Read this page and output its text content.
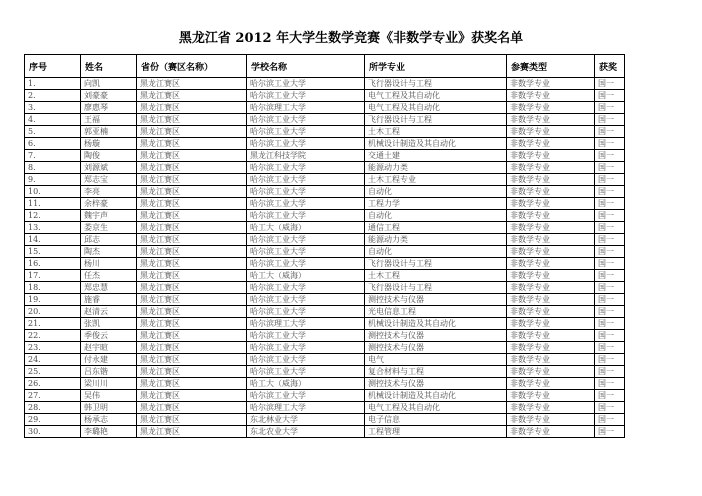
黑龙江省 2012 年大学生数学竞赛《非数学专业》获奖名单
序号	姓名	省份（赛区名称）	学校名称	所学专业	参赛类型	获奖
1.	向凯	黑龙江赛区	哈尔滨工业大学	飞行器设计与工程	非数学专业	国一
2.	刘豪豪	黑龙江赛区	哈尔滨工业大学	电气工程及其自动化	非数学专业	国一
3.	廖惠琴	黑龙江赛区	哈尔滨理工大学	电气工程及其自动化	非数学专业	国一
4.	王福	黑龙江赛区	哈尔滨工业大学	飞行器设计与工程	非数学专业	国一
5.	郭亚楠	黑龙江赛区	哈尔滨工业大学	土木工程	非数学专业	国一
6.	杨璇	黑龙江赛区	哈尔滨工业大学	机械设计制造及其自动化	非数学专业	国一
7.	陶俊	黑龙江赛区	黑龙江科技学院	交通土建	非数学专业	国一
8.	刘源斌	黑龙江赛区	哈尔滨工业大学	能源动力类	非数学专业	国一
9.	郑志宝	黑龙江赛区	哈尔滨工业大学	土木工程专业	非数学专业	国一
10.	李亮	黑龙江赛区	哈尔滨工业大学	自动化	非数学专业	国一
11.	余梓豪	黑龙江赛区	哈尔滨工业大学	工程力学	非数学专业	国一
12.	魏宇声	黑龙江赛区	哈尔滨工业大学	自动化	非数学专业	国一
13.	娄京生	黑龙江赛区	哈工大（威海）	通信工程	非数学专业	国一
14.	邱志	黑龙江赛区	哈尔滨工业大学	能源动力类	非数学专业	国一
15.	陶杰	黑龙江赛区	哈尔滨工业大学	自动化	非数学专业	国一
16.	杨川	黑龙江赛区	哈尔滨工业大学	飞行器设计与工程	非数学专业	国一
17.	任杰	黑龙江赛区	哈工大（威海）	土木工程	非数学专业	国一
18.	郑忠慧	黑龙江赛区	哈尔滨工业大学	飞行器设计与工程	非数学专业	国一
19.	施睿	黑龙江赛区	哈尔滨工业大学	测控技术与仪器	非数学专业	国一
20.	赵清云	黑龙江赛区	哈尔滨工业大学	光电信息工程	非数学专业	国一
21.	张凯	黑龙江赛区	哈尔滨理工大学	机械设计制造及其自动化	非数学专业	国一
22.	季俊云	黑龙江赛区	哈尔滨工业大学	测控技术与仪器	非数学专业	国一
23.	赵宇暄	黑龙江赛区	哈尔滨工业大学	测控技术与仪器	非数学专业	国一
24.	付永建	黑龙江赛区	哈尔滨工业大学	电气	非数学专业	国一
25.	吕东锴	黑龙江赛区	哈尔滨工业大学	复合材料与工程	非数学专业	国一
26.	梁川川	黑龙江赛区	哈工大（威海）	测控技术与仪器	非数学专业	国一
27.	吴伟	黑龙江赛区	哈尔滨工业大学	机械设计制造及其自动化	非数学专业	国一
28.	韩卫明	黑龙江赛区	哈尔滨理工大学	电气工程及其自动化	非数学专业	国一
29.	杨承志	黑龙江赛区	东北林业大学	电子信息	非数学专业	国一
30.	李璐艳	黑龙江赛区	东北农业大学	工程管理	非数学专业	国一
